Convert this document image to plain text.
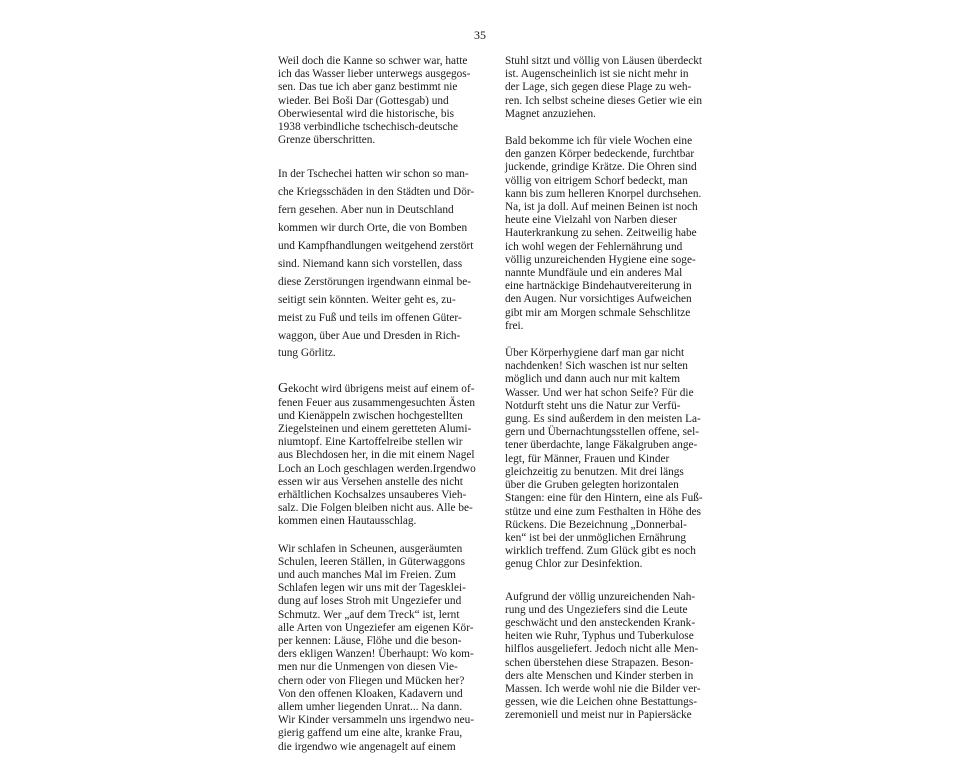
35
Weil doch die Kanne so schwer war, hatte
ich das Wasser lieber unterwegs ausgegos-
sen. Das tue ich aber ganz bestimmt nie
wieder. Bei Boši Dar (Gottesgab) und
Oberwiesental wird die historische, bis
1938 verbindliche tschechisch-deutsche
Grenze überschritten.
In der Tschechei hatten wir schon so man-
che Kriegsschäden in den Städten und Dör-
fern gesehen. Aber nun in Deutschland
kommen wir durch Orte, die von Bomben
und Kampfhandlungen weitgehend zerstört
sind. Niemand kann sich vorstellen, dass
diese Zerstörungen irgendwann einmal be-
seitigt sein könnten. Weiter geht es, zu-
meist zu Fuß und teils im offenen Güter-
waggon, über Aue und Dresden in Rich-
tung Görlitz.
Gekocht wird übrigens meist auf einem of-
fenen Feuer aus zusammengesuchten Ästen
und Kienäppeln zwischen hochgestellten
Ziegelsteinen und einem geretteten Alumi-
niumtopf. Eine Kartoffelreibe stellen wir
aus Blechdosen her, in die mit einem Nagel
Loch an Loch geschlagen werden.Irgendwo
essen wir aus Versehen anstelle des nicht
erhältlichen Kochsalzes unsauberes Vieh-
salz. Die Folgen bleiben nicht aus. Alle be-
kommen einen Hautausschlag.
Wir schlafen in Scheunen, ausgeräumten
Schulen, leeren Ställen, in Güterwaggons
und auch manches Mal im Freien. Zum
Schlafen legen wir uns mit der Tagesklei-
dung auf loses Stroh mit Ungeziefer und
Schmutz. Wer „auf dem Treck“ ist, lernt
alle Arten von Ungeziefer am eigenen Kör-
per kennen: Läuse, Flöhe und die beson-
ders ekligen Wanzen! Überhaupt: Wo kom-
men nur die Unmengen von diesen Vie-
chern oder von Fliegen und Mücken her?
Von den offenen Kloaken, Kadavern und
allem umher liegenden Unrat... Na dann.
Wir Kinder versammeln uns irgendwo neu-
gierig gaffend um eine alte, kranke Frau,
die irgendwo wie angenagelt auf einem
Stuhl sitzt und völlig von Läusen überdeckt
ist. Augenscheinlich ist sie nicht mehr in
der Lage, sich gegen diese Plage zu weh-
ren. Ich selbst scheine dieses Getier wie ein
Magnet anzuziehen.
Bald bekomme ich für viele Wochen eine
den ganzen Körper bedeckende, furchtbar
juckende, grindige Krätze. Die Ohren sind
völlig von eitrigem Schorf bedeckt, man
kann bis zum helleren Knorpel durchsehen.
Na, ist ja doll. Auf meinen Beinen ist noch
heute eine Vielzahl von Narben dieser
Hauterkrankung zu sehen. Zeitweilig habe
ich wohl wegen der Fehlernährung und
völlig unzureichenden Hygiene eine soge-
nannte Mundfäule und ein anderes Mal
eine hartnäckige Bindehautvereiterung in
den Augen. Nur vorsichtiges Aufweichen
gibt mir am Morgen schmale Sehschlitze
frei.
Über Körperhygiene darf man gar nicht
nachdenken! Sich waschen ist nur selten
möglich und dann auch nur mit kaltem
Wasser. Und wer hat schon Seife? Für die
Notdurft steht uns die Natur zur Verfü-
gung. Es sind außerdem in den meisten La-
gern und Übernachtungsstellen offene, sel-
tener überdachte, lange Fäkalgruben ange-
legt, für Männer, Frauen und Kinder
gleichzeitig zu benutzen. Mit drei längs
über die Gruben gelegten horizontalen
Stangen: eine für den Hintern, eine als Fuß-
stütze und eine zum Festhalten in Höhe des
Rückens. Die Bezeichnung „Donnerbal-
ken“ ist bei der unmöglichen Ernährung
wirklich treffend. Zum Glück gibt es noch
genug Chlor zur Desinfektion.
Aufgrund der völlig unzureichenden Nah-
rung und des Ungeziefers sind die Leute
geschwächt und den ansteckenden Krank-
heiten wie Ruhr, Typhus und Tuberkulose
hilflos ausgeliefert. Jedoch nicht alle Men-
schen überstehen diese Strapazen. Beson-
ders alte Menschen und Kinder sterben in
Massen. Ich werde wohl nie die Bilder ver-
gessen, wie die Leichen ohne Bestattungs-
zeremoniell und meist nur in Papiersäcke
